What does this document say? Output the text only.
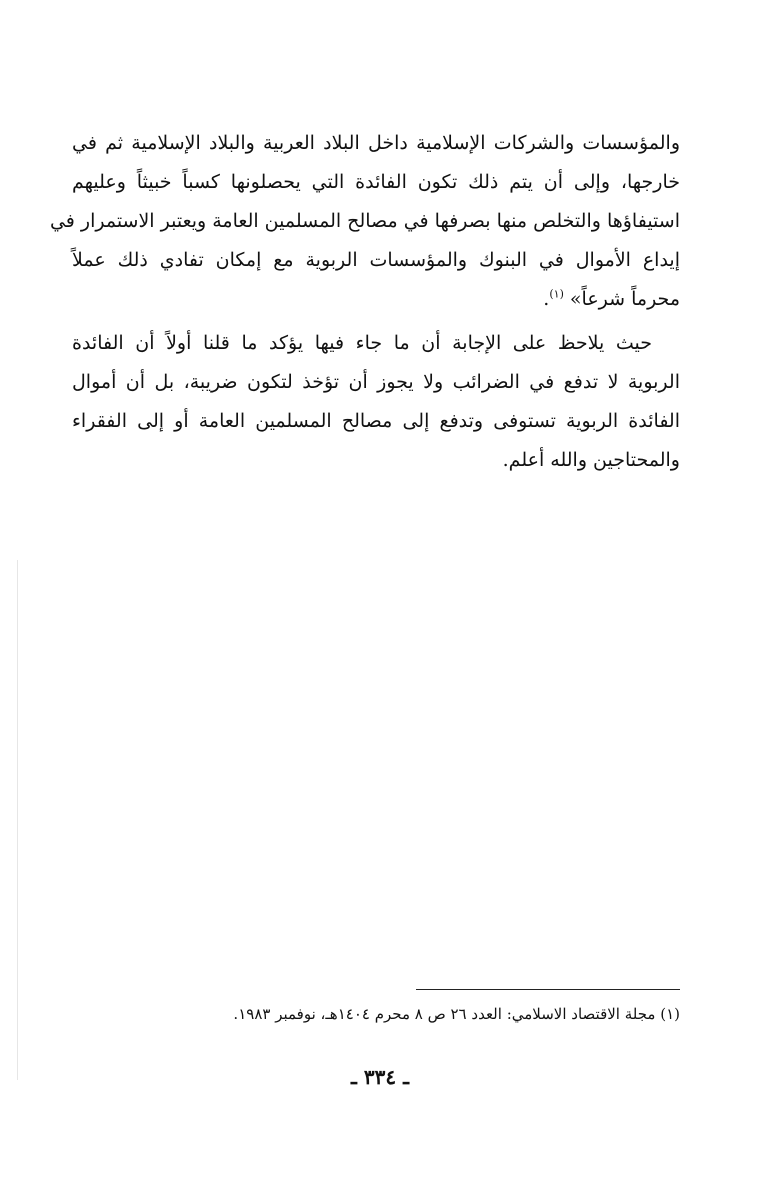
والمؤسسات والشركات الإسلامية داخل البلاد العربية والبلاد الإسلامية ثم في
خارجها، وإلى أن يتم ذلك تكون الفائدة التي يحصلونها كسباً خبيثاً وعليهم
استيفاؤها والتخلص منها بصرفها في مصالح المسلمين العامة ويعتبر الاستمرار في
إيداع الأموال في البنوك والمؤسسات الربوية مع إمكان تفادي ذلك عملاً
محرماً شرعاً» $^{(١)}$.
حيث يلاحظ على الإجابة أن ما جاء فيها يؤكد ما قلنا أولاً أن الفائدة
الربوية لا تدفع في الضرائب ولا يجوز أن تؤخذ لتكون ضريبة، بل أن أموال
الفائدة الربوية تستوفى وتدفع إلى مصالح المسلمين العامة أو إلى الفقراء
والمحتاجين والله أعلم.
(١) مجلة الاقتصاد الاسلامي: العدد ٢٦ ص ٨ محرم ١٤٠٤هـ، نوفمبر ١٩٨٣.
ـ ٣٣٤ ـ
